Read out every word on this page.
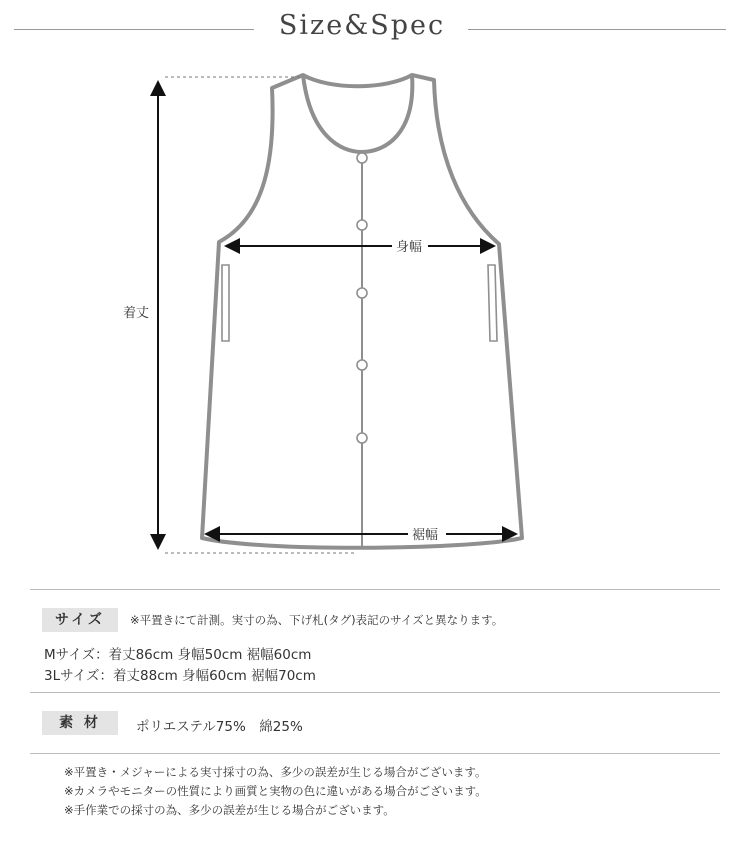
Size&Spec
着丈
身幅
裾幅
サイズ	※平置きにて計測。実寸の為、下げ札(タグ)表記のサイズと異なります。
Mサイズ：着丈86cm 身幅50cm 裾幅60cm
3Lサイズ：着丈88cm 身幅60cm 裾幅70cm
素 材	ポリエステル75%　綿25%
※平置き・メジャーによる実寸採寸の為、多少の誤差が生じる場合がございます。
※カメラやモニターの性質により画質と実物の色に違いがある場合がございます。
※手作業での採寸の為、多少の誤差が生じる場合がございます。
